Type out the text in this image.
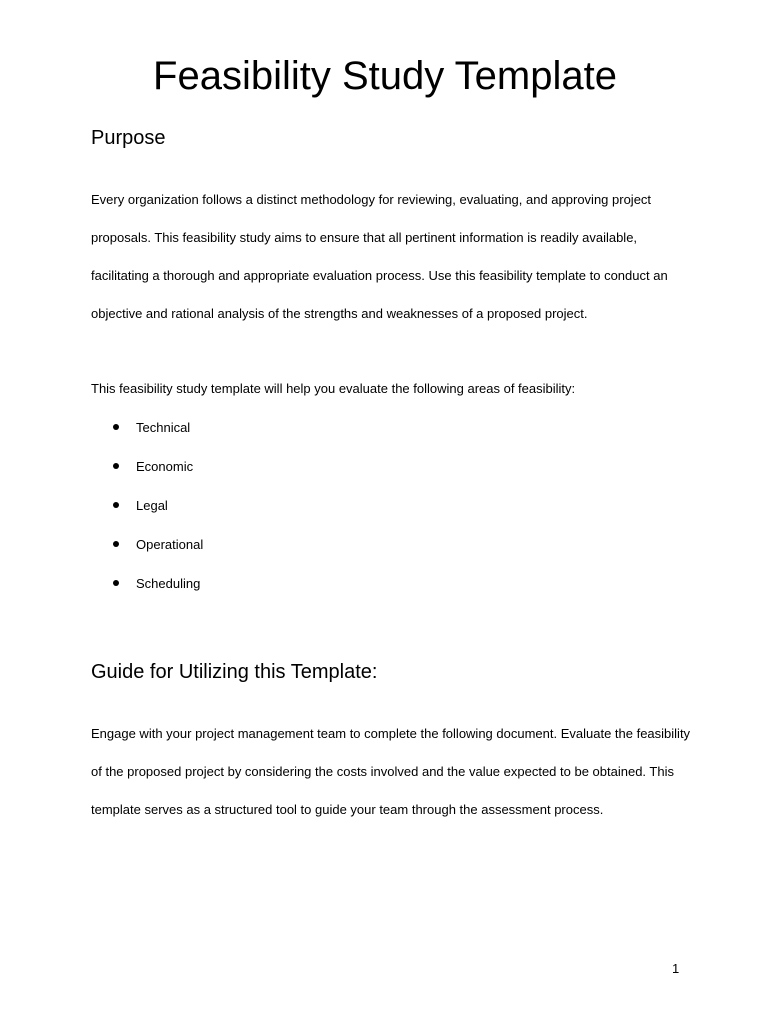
Feasibility Study Template
Purpose

Every organization follows a distinct methodology for reviewing, evaluating, and approving project proposals. This feasibility study aims to ensure that all pertinent information is readily available, facilitating a thorough and appropriate evaluation process. Use this feasibility template to conduct an objective and rational analysis of the strengths and weaknesses of a proposed project.

This feasibility study template will help you evaluate the following areas of feasibility:

Technical
Economic
Legal
Operational
Scheduling
Guide for Utilizing this Template:

Engage with your project management team to complete the following document. Evaluate the feasibility of the proposed project by considering the costs involved and the value expected to be obtained. This template serves as a structured tool to guide your team through the assessment process.

1
